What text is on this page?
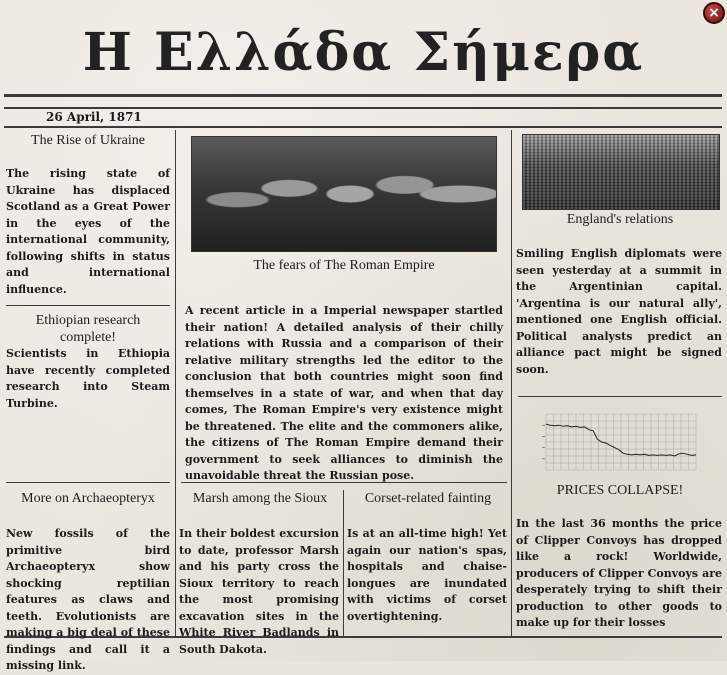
Η Ελλάδα Σήμερα
×
26 April, 1871
The Rise of Ukraine
The rising state of Ukraine has displaced Scotland as a Great Power in the eyes of the international community, following shifts in status and international influence.
Ethiopian research complete!
Scientists in Ethiopia have recently completed research into Steam Turbine.
More on Archaeopteryx
New fossils of the primitive bird Archaeopteryx show shocking reptilian features as claws and teeth. Evolutionists are making a big deal of these findings and call it a missing link.
The fears of The Roman Empire
A recent article in a Imperial newspaper startled their nation! A detailed analysis of their chilly relations with Russia and a comparison of their relative military strengths led the editor to the conclusion that both countries might soon find themselves in a state of war, and when that day comes, The Roman Empire's very existence might be threatened. The elite and the commoners alike, the citizens of The Roman Empire demand their government to seek alliances to diminish the unavoidable threat the Russian pose.
Marsh among the Sioux
In their boldest excursion to date, professor Marsh and his party cross the Sioux territory to reach the most promising excavation sites in the White River Badlands in South Dakota.
Corset-related fainting
Is at an all-time high! Yet again our nation's spas, hospitals and chaise-longues are inundated with victims of corset overtightening.
England's relations
Smiling English diplomats were seen yesterday at a summit in the Argentinian capital. 'Argentina is our natural ally', mentioned one English official. Political analysts predict an alliance pact might be signed soon.
PRICES COLLAPSE!
In the last 36 months the price of Clipper Convoys has dropped like a rock! Worldwide, producers of Clipper Convoys are desperately trying to shift their production to other goods to make up for their losses
